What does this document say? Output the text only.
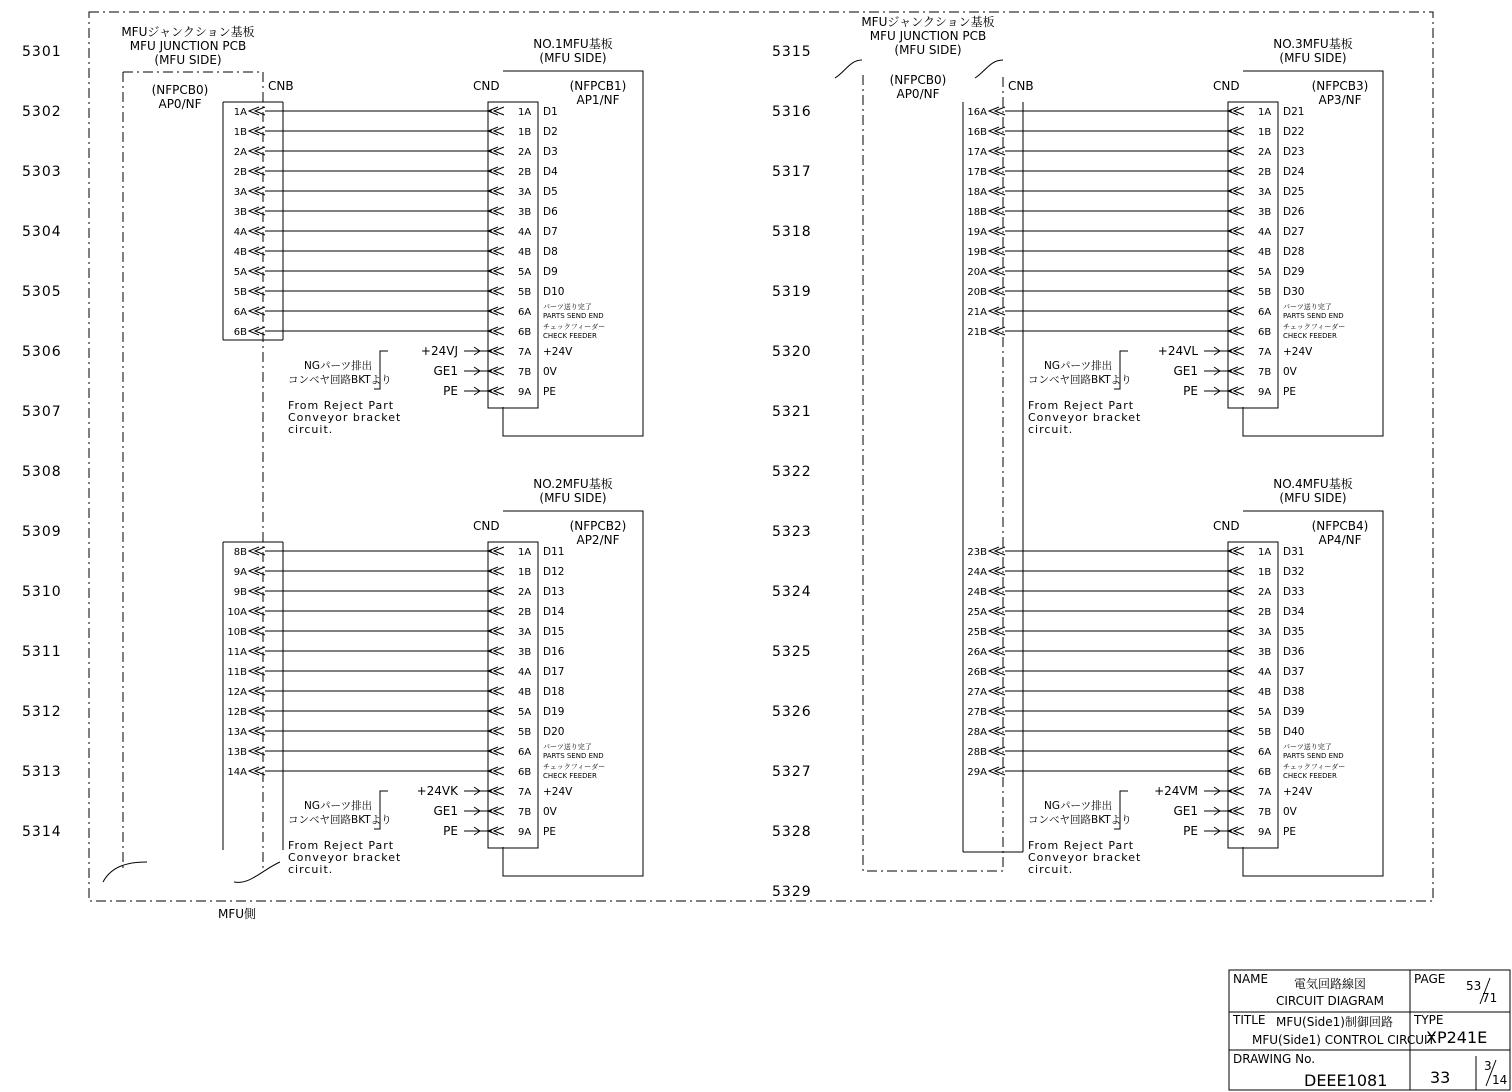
5301
5302
5303
5304
5305
5306
5307
5308
5309
5310
5311
5312
5313
5314
5315
5316
5317
5318
5319
5320
5321
5322
5323
5324
5325
5326
5327
5328
5329
MFUジャンクション基板
MFU JUNCTION PCB
(MFU SIDE)
(NFPCB0)
AP0/NF
CNB
MFU側
MFUジャンクション基板
MFU JUNCTION PCB
(MFU SIDE)
(NFPCB0)
AP0/NF
CNB
NO.1MFU基板
(MFU SIDE)
CND	(NFPCB1)
AP1/NF
1A	1A D1
1B	1B D2
2A	2A D3
2B	2B D4
3A	3A D5
3B	3B D6
4A	4A D7
4B	4B D8
5A	5A D9
5B	5B D10
6A	6A
6B	6B
パーツ送り完了
PARTS SEND END
チェックフィーダー
CHECK FEEDER
+24VJ	7A +24V
GE1	7B 0V
PE	9A PE
NGパーツ排出
コンベヤ回路BKTより
From Reject Part
Conveyor bracket
circuit.
NO.2MFU基板
(MFU SIDE)
CND	(NFPCB2)
AP2/NF
8B	1A D11
9A	1B D12
9B	2A D13
10A	2B D14
10B	3A D15
11A	3B D16
11B	4A D17
12A	4B D18
12B	5A D19
13A	5B D20
13B	6A
14A	6B
パーツ送り完了
PARTS SEND END
チェックフィーダー
CHECK FEEDER
+24VK	7A +24V
GE1	7B 0V
PE	9A PE
NGパーツ排出
コンベヤ回路BKTより
From Reject Part
Conveyor bracket
circuit.
NO.3MFU基板
(MFU SIDE)
CND	(NFPCB3)
AP3/NF
16A	1A D21
16B	1B D22
17A	2A D23
17B	2B D24
18A	3A D25
18B	3B D26
19A	4A D27
19B	4B D28
20A	5A D29
20B	5B D30
21A	6A
21B	6B
パーツ送り完了
PARTS SEND END
チェックフィーダー
CHECK FEEDER
+24VL	7A +24V
GE1	7B 0V
PE	9A PE
NGパーツ排出
コンベヤ回路BKTより
From Reject Part
Conveyor bracket
circuit.
NO.4MFU基板
(MFU SIDE)
CND	(NFPCB4)
AP4/NF
23B	1A D31
24A	1B D32
24B	2A D33
25A	2B D34
25B	3A D35
26A	3B D36
26B	4A D37
27A	4B D38
27B	5A D39
28A	5B D40
28B	6A
29A	6B
パーツ送り完了
PARTS SEND END
チェックフィーダー
CHECK FEEDER
+24VM	7A +24V
GE1	7B 0V
PE	9A PE
NGパーツ排出
コンベヤ回路BKTより
From Reject Part
Conveyor bracket
circuit.
NAME 電気回路線図
CIRCUIT DIAGRAM
PAGE 53
71
TITLE MFU(Side1)制御回路
MFU(Side1) CONTROL CIRCUIT
TYPE
XP241E
DRAWING No.
DEEE1081	33
3
14
